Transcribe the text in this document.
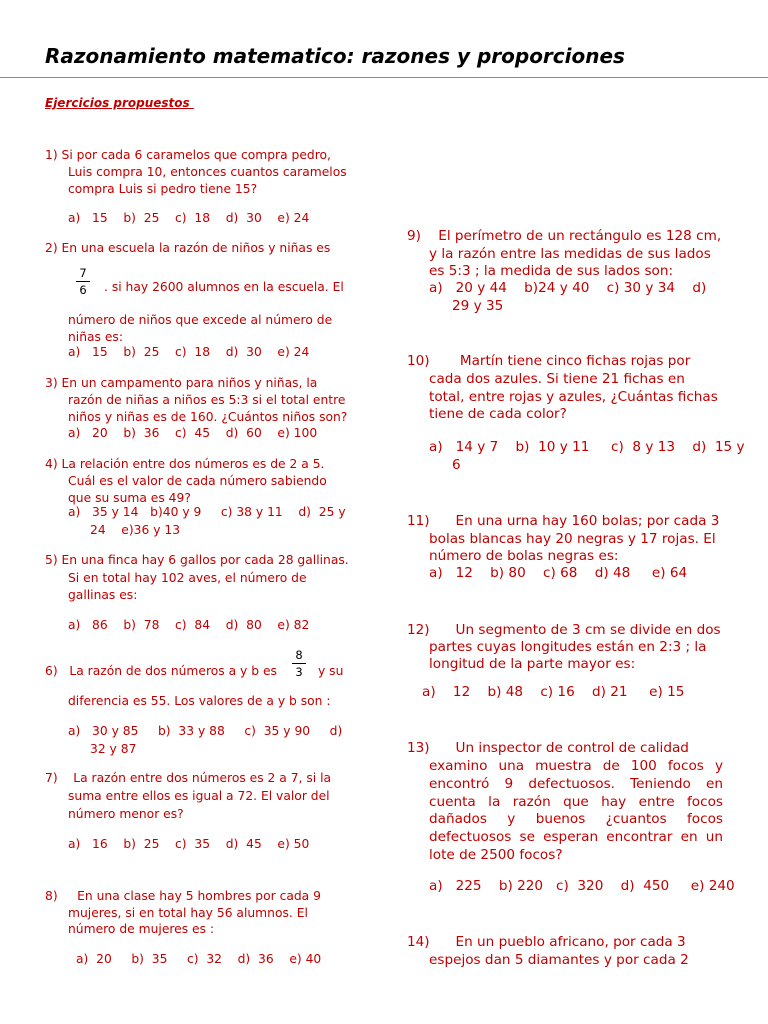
Razonamiento matematico: razones y proporciones
Ejercicios propuestos
1) Si por cada 6 caramelos que compra pedro,
Luis compra 10, entonces cuantos caramelos
compra Luis si pedro tiene 15?
a)   15    b)  25    c)  18    d)  30    e) 24
2) En una escuela la razón de niños y niñas es
7
6 . si hay 2600 alumnos en la escuela. El
número de niños que excede al número de
niñas es:
a)   15    b)  25    c)  18    d)  30    e) 24
3) En un campamento para niños y niñas, la
razón de niñas a niños es 5:3 si el total entre
niños y niñas es de 160. ¿Cuántos niños son?
a)   20    b)  36    c)  45    d)  60    e) 100
4) La relación entre dos números es de 2 a 5.
Cuál es el valor de cada número sabiendo
que su suma es 49?
a)   35 y 14   b)40 y 9     c) 38 y 11    d)  25 y
24    e)36 y 13
5) En una finca hay 6 gallos por cada 28 gallinas.
Si en total hay 102 aves, el número de
gallinas es:
a)   86    b)  78    c)  84    d)  80    e) 82
6)   La razón de dos números a y b es
8
3 y su
diferencia es 55. Los valores de a y b son :
a)   30 y 85     b)  33 y 88     c)  35 y 90     d)
32 y 87
7)    La razón entre dos números es 2 a 7, si la
suma entre ellos es igual a 72. El valor del
número menor es?
a)   16    b)  25    c)  35    d)  45    e) 50
8)     En una clase hay 5 hombres por cada 9
mujeres, si en total hay 56 alumnos. El
número de mujeres es :
a)  20     b)  35     c)  32    d)  36    e) 40
9)    El perímetro de un rectángulo es 128 cm,
y la razón entre las medidas de sus lados
es 5:3 ; la medida de sus lados son:
a)   20 y 44    b)24 y 40    c) 30 y 34    d)
29 y 35
10)       Martín tiene cinco fichas rojas por
cada dos azules. Si tiene 21 fichas en
total, entre rojas y azules, ¿Cuántas fichas
tiene de cada color?
a)   14 y 7    b)  10 y 11     c)  8 y 13    d)  15 y
6
11)      En una urna hay 160 bolas; por cada 3
bolas blancas hay 20 negras y 17 rojas. El
número de bolas negras es:
a)   12    b) 80    c) 68    d) 48     e) 64
12)      Un segmento de 3 cm se divide en dos
partes cuyas longitudes están en 2:3 ; la
longitud de la parte mayor es:
a)    12    b) 48    c) 16    d) 21     e) 15
13)      Un inspector de control de calidad
examino una muestra de 100 focos y encontró 9 defectuosos. Teniendo en cuenta la razón que hay entre focos dañados y buenos ¿cuantos focos defectuosos se esperan encontrar en un lote de 2500 focos?
a)   225    b) 220   c)  320    d)  450     e) 240
14)      En un pueblo africano, por cada 3
espejos dan 5 diamantes y por cada 2
